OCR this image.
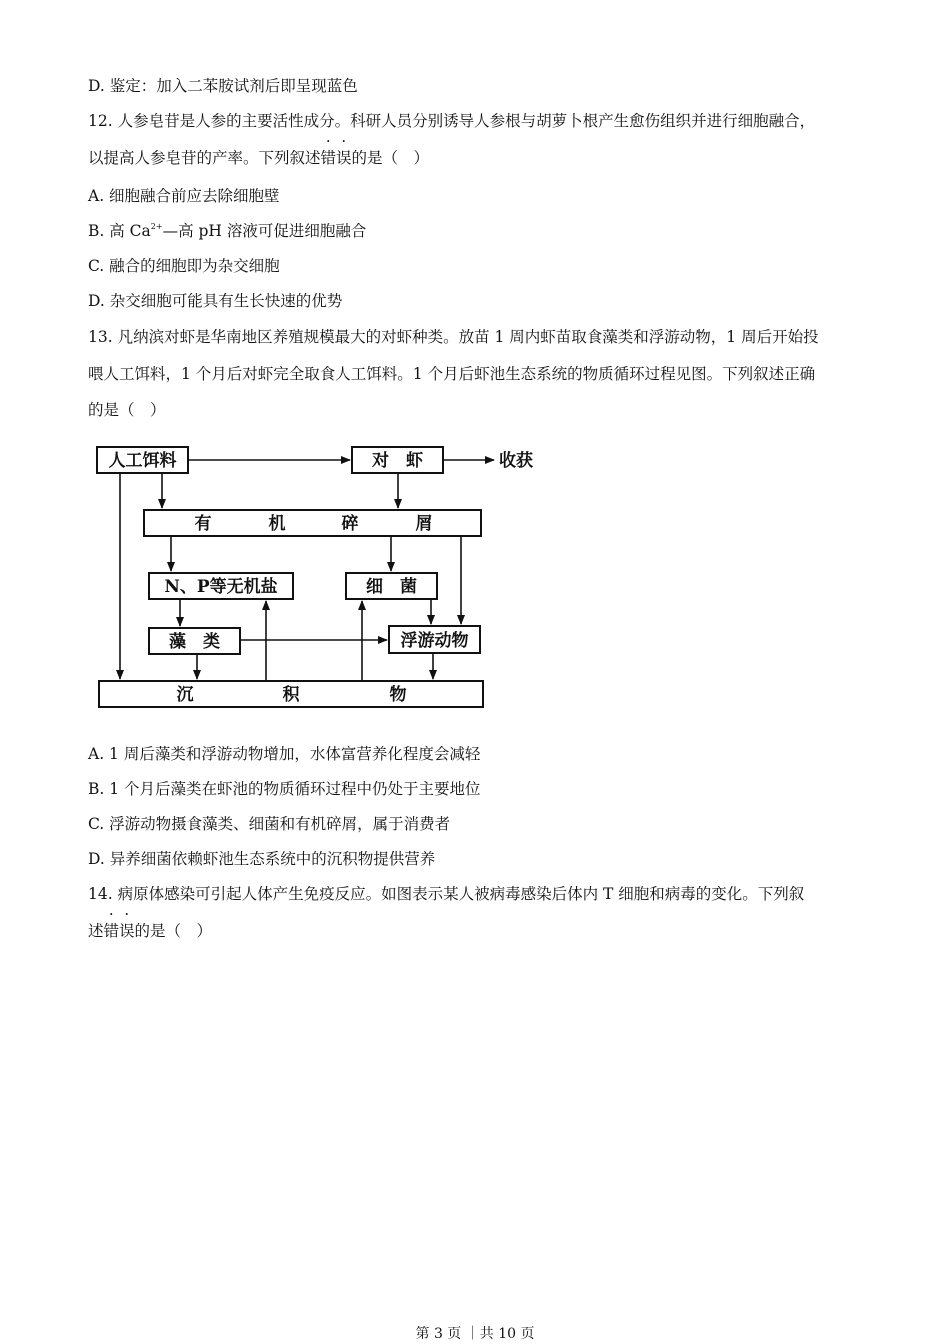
D. 鉴定：加入二苯胺试剂后即呈现蓝色
12. 人参皂苷是人参的主要活性成分。科研人员分别诱导人参根与胡萝卜根产生愈伤组织并进行细胞融合，
以提高人参皂苷的产率。下列叙述错误的是（　）
A. 细胞融合前应去除细胞壁
B. 高 $Ca^{2+}—$高 pH 溶液可促进细胞融合
C. 融合的细胞即为杂交细胞
D. 杂交细胞可能具有生长快速的优势
13. 凡纳滨对虾是华南地区养殖规模最大的对虾种类。放苗 1 周内虾苗取食藻类和浮游动物，1 周后开始投
喂人工饵料，1 个月后对虾完全取食人工饵料。1 个月后虾池生态系统的物质循环过程见图。下列叙述正确
的是（　）
人工饵料	对　虾	收获
有	机	碎	屑
N、P等无机盐	细　菌
藻　类	浮游动物
沉	积	物
A. 1 周后藻类和浮游动物增加，水体富营养化程度会减轻
B. 1 个月后藻类在虾池的物质循环过程中仍处于主要地位
C. 浮游动物摄食藻类、细菌和有机碎屑，属于消费者
D. 异养细菌依赖虾池生态系统中的沉积物提供营养
14. 病原体感染可引起人体产生免疫反应。如图表示某人被病毒感染后体内 T 细胞和病毒的变化。下列叙
述错误的是（　）
第 3 页 ｜共 10 页
